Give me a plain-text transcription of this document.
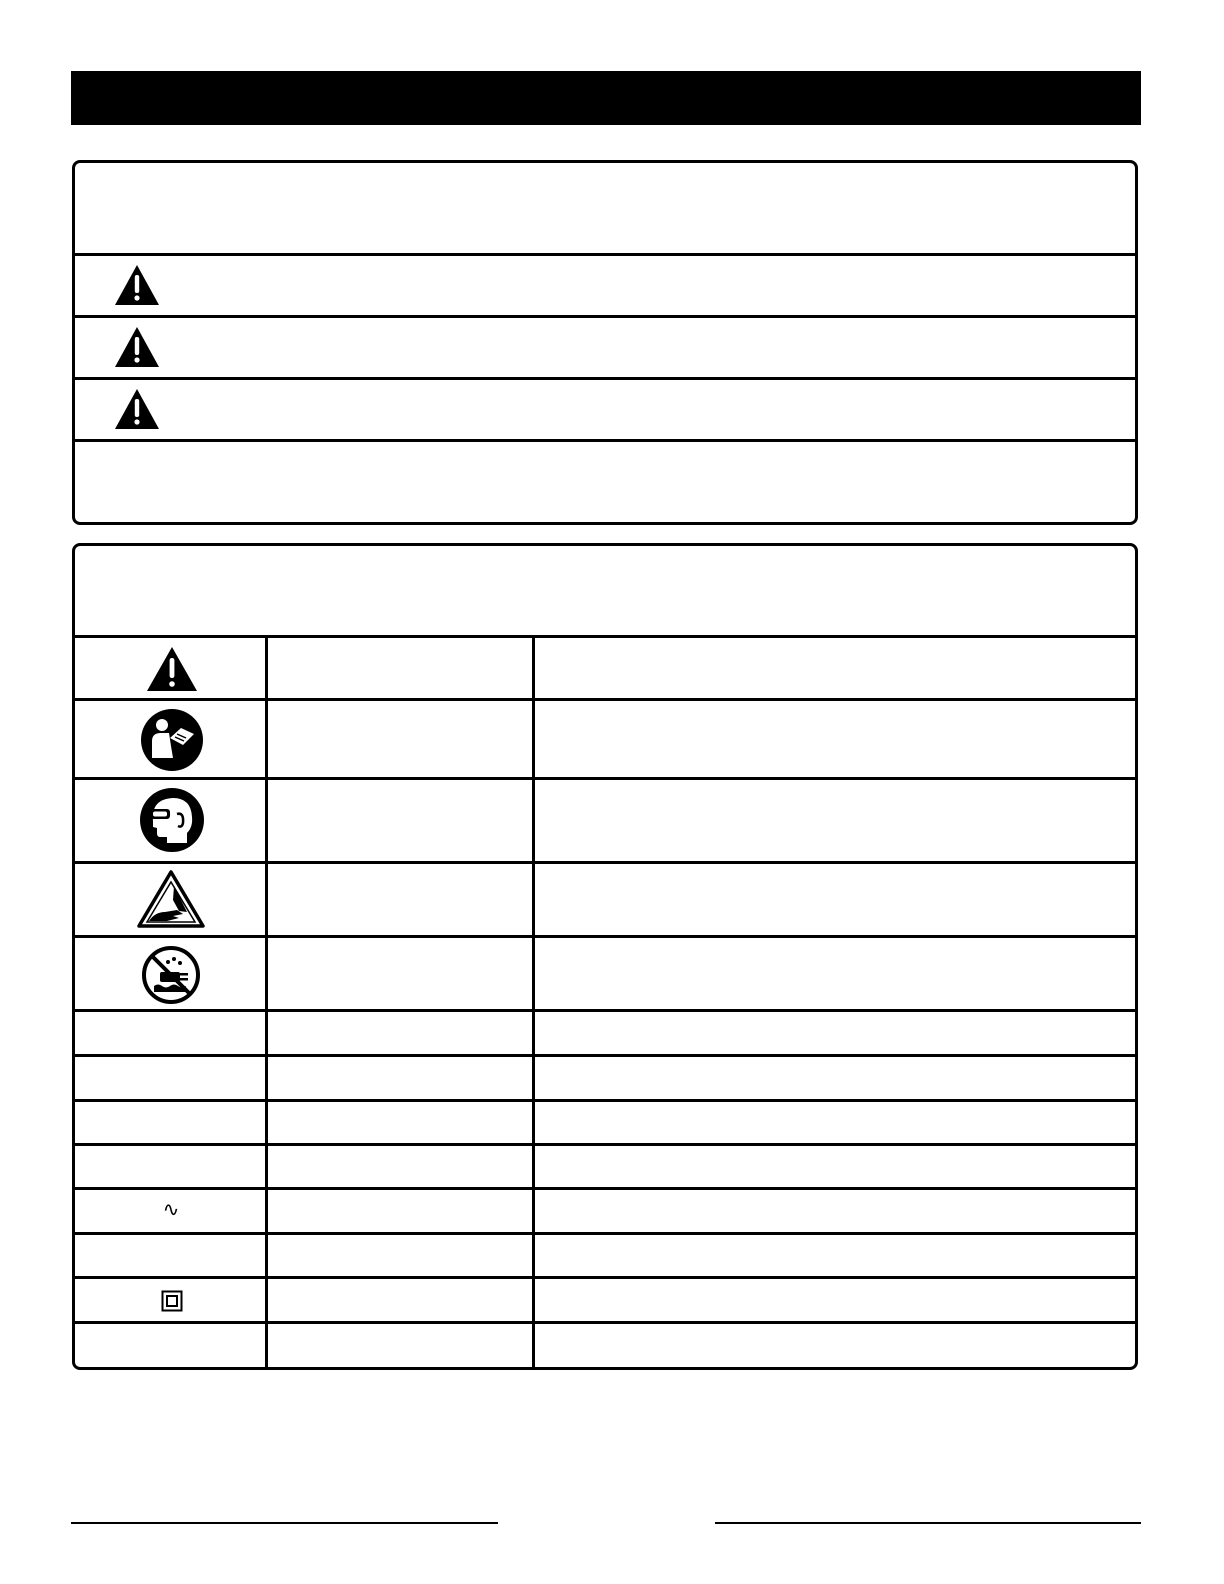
∿
